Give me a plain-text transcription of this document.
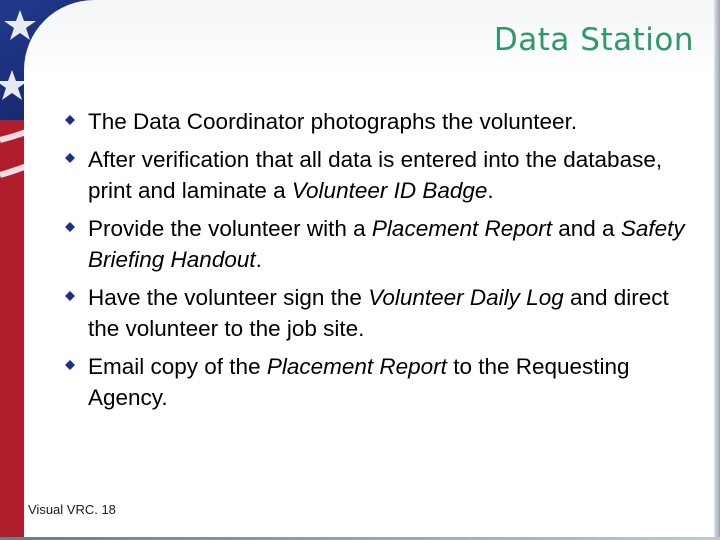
Data Station
The Data Coordinator photographs the volunteer.
After verification that all data is entered into the database, print and laminate a Volunteer ID Badge.
Provide the volunteer with a Placement Report and a Safety Briefing Handout.
Have the volunteer sign the Volunteer Daily Log and direct the volunteer to the job site.
Email copy of the Placement Report to the Requesting Agency.
Visual VRC. 18
